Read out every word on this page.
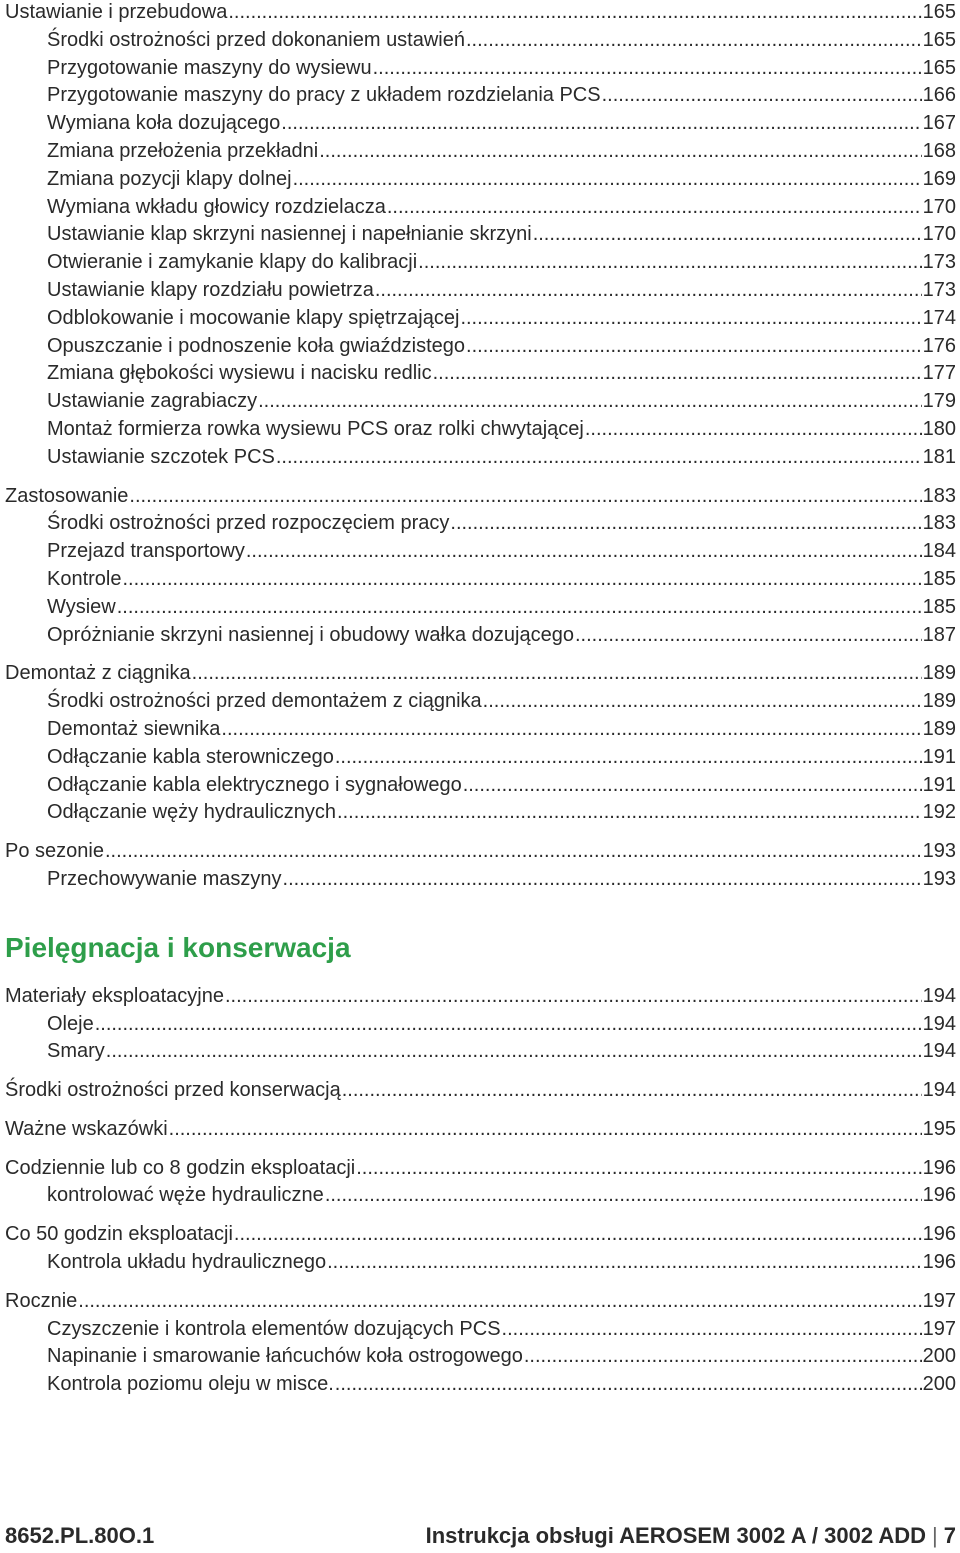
Ustawianie i przebudowa .....	165
Środki ostrożności przed dokonaniem ustawień .....	165
Przygotowanie maszyny do wysiewu .....	165
Przygotowanie maszyny do pracy z układem rozdzielania PCS .....	166
Wymiana koła dozującego .....	167
Zmiana przełożenia przekładni .....	168
Zmiana pozycji klapy dolnej .....	169
Wymiana wkładu głowicy rozdzielacza .....	170
Ustawianie klap skrzyni nasiennej i napełnianie skrzyni .....	170
Otwieranie i zamykanie klapy do kalibracji .....	173
Ustawianie klapy rozdziału powietrza .....	173
Odblokowanie i mocowanie klapy spiętrzającej .....	174
Opuszczanie i podnoszenie koła gwiaździstego .....	176
Zmiana głębokości wysiewu i nacisku redlic .....	177
Ustawianie zagrabiaczy .....	179
Montaż formierza rowka wysiewu PCS oraz rolki chwytającej .....	180
Ustawianie szczotek PCS .....	181
Zastosowanie .....	183
Środki ostrożności przed rozpoczęciem pracy .....	183
Przejazd transportowy .....	184
Kontrole .....	185
Wysiew .....	185
Opróżnianie skrzyni nasiennej i obudowy wałka dozującego .....	187
Demontaż z ciągnika .....	189
Środki ostrożności przed demontażem z ciągnika .....	189
Demontaż siewnika .....	189
Odłączanie kabla sterowniczego .....	191
Odłączanie kabla elektrycznego i sygnałowego .....	191
Odłączanie węży hydraulicznych .....	192
Po sezonie .....	193
Przechowywanie maszyny .....	193
Pielęgnacja i konserwacja
Materiały eksploatacyjne .....	194
Oleje .....	194
Smary .....	194
Środki ostrożności przed konserwacją .....	194
Ważne wskazówki .....	195
Codziennie lub co 8 godzin eksploatacji .....	196
kontrolować węże hydrauliczne .....	196
Co 50 godzin eksploatacji .....	196
Kontrola układu hydraulicznego .....	196
Rocznie .....	197
Czyszczenie i kontrola elementów dozujących PCS .....	197
Napinanie i smarowanie łańcuchów koła ostrogowego .....	200
Kontrola poziomu oleju w misce. .....	200
8652.PL.80O.1	Instrukcja obsługi AEROSEM 3002 A / 3002 ADD | 7
